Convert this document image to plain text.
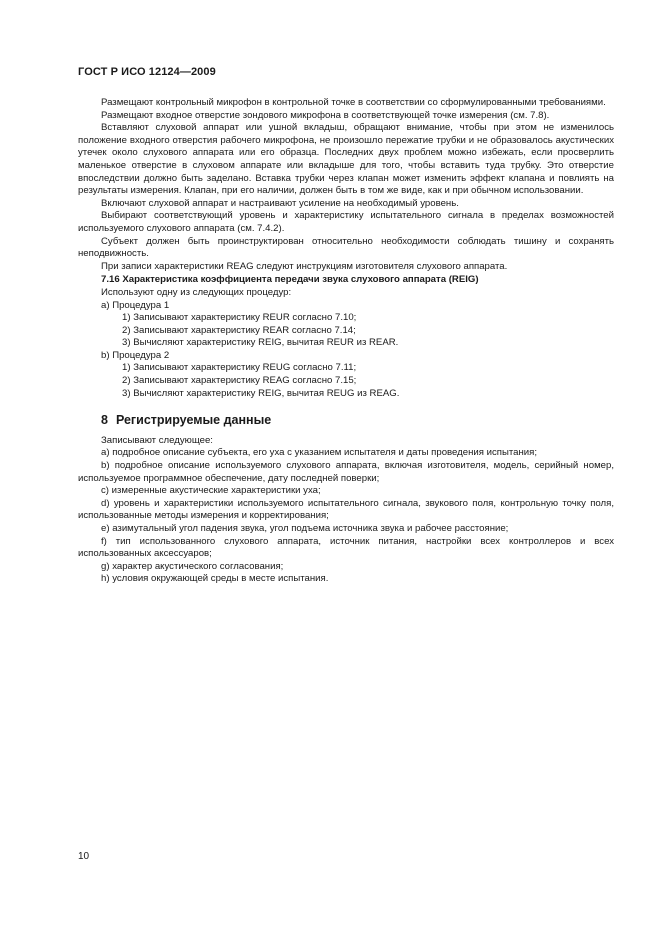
ГОСТ Р ИСО 12124—2009

Размещают контрольный микрофон в контрольной точке в соответствии со сформулированными требованиями.

Размещают входное отверстие зондового микрофона в соответствующей точке измерения (см. 7.8).

Вставляют слуховой аппарат или ушной вкладыш, обращают внимание, чтобы при этом не изменилось положение входного отверстия рабочего микрофона, не произошло пережатие трубки и не образовалось акустических утечек около слухового аппарата или его образца. Последних двух проблем можно избежать, если просверлить маленькое отверстие в слуховом аппарате или вкладыше для того, чтобы вставить туда трубку. Это отверстие впоследствии должно быть заделано. Вставка трубки через клапан может изменить эффект клапана и повлиять на результаты измерения. Клапан, при его наличии, должен быть в том же виде, как и при обычном использовании.

Включают слуховой аппарат и настраивают усиление на необходимый уровень.

Выбирают соответствующий уровень и характеристику испытательного сигнала в пределах возможностей используемого слухового аппарата (см. 7.4.2).

Субъект должен быть проинструктирован относительно необходимости соблюдать тишину и сохранять неподвижность.

При записи характеристики REAG следуют инструкциям изготовителя слухового аппарата.

7.16 Характеристика коэффициента передачи звука слухового аппарата (REIG)
Используют одну из следующих процедур:
а) Процедура 1
1) Записывают характеристику REUR согласно 7.10;
2) Записывают характеристику REAR согласно 7.14;
3) Вычисляют характеристику REIG, вычитая REUR из REAR.
b) Процедура 2
1) Записывают характеристику REUG согласно 7.11;
2) Записывают характеристику REAG согласно 7.15;
3) Вычисляют характеристику REIG, вычитая REUG из REAG.
8 Регистрируемые данные
Записывают следующее:

а) подробное описание субъекта, его уха с указанием испытателя и даты проведения испытания;

b) подробное описание используемого слухового аппарата, включая изготовителя, модель, серийный номер, используемое программное обеспечение, дату последней поверки;

c) измеренные акустические характеристики уха;

d) уровень и характеристики используемого испытательного сигнала, звукового поля, контрольную точку поля, использованные методы измерения и корректирования;

e) азимутальный угол падения звука, угол подъема источника звука и рабочее расстояние;

f) тип использованного слухового аппарата, источник питания, настройки всех контроллеров и всех использованных аксессуаров;

g) характер акустического согласования;

h) условия окружающей среды в месте испытания.

10
